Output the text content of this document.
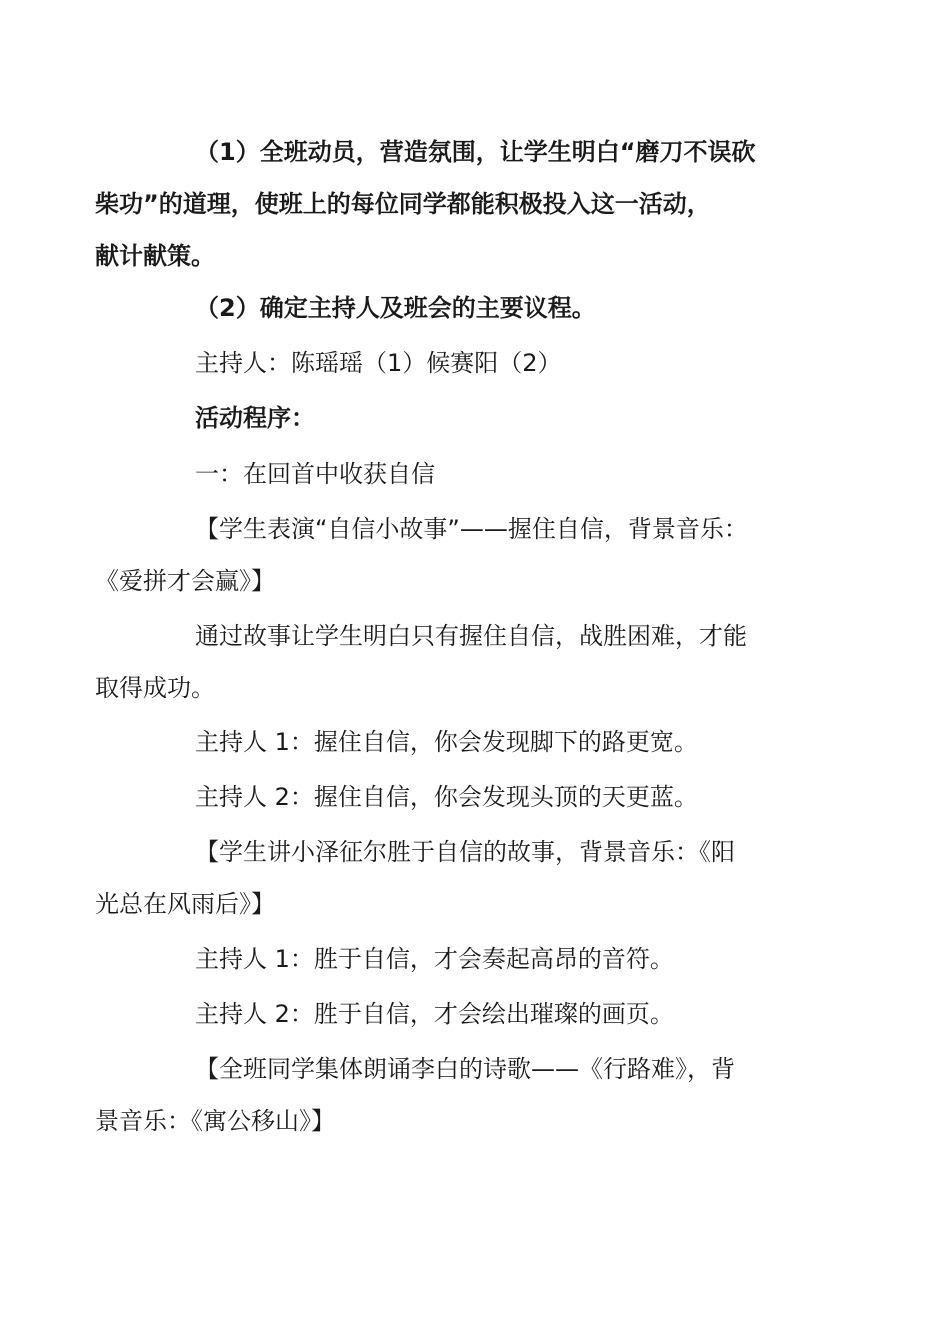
（1）全班动员，营造氛围，让学生明白“磨刀不误砍
柴功”的道理，使班上的每位同学都能积极投入这一活动，
献计献策。
（2）确定主持人及班会的主要议程。
主持人：陈瑶瑶（1）候赛阳（2）
活动程序：
一：在回首中收获自信
【学生表演“自信小故事”——握住自信，背景音乐：
《爱拼才会赢》】
通过故事让学生明白只有握住自信，战胜困难，才能
取得成功。
主持人 1：握住自信，你会发现脚下的路更宽。
主持人 2：握住自信，你会发现头顶的天更蓝。
【学生讲小泽征尔胜于自信的故事，背景音乐：《阳
光总在风雨后》】
主持人 1：胜于自信，才会奏起高昂的音符。
主持人 2：胜于自信，才会绘出璀璨的画页。
【全班同学集体朗诵李白的诗歌——《行路难》，背
景音乐：《寓公移山》】
